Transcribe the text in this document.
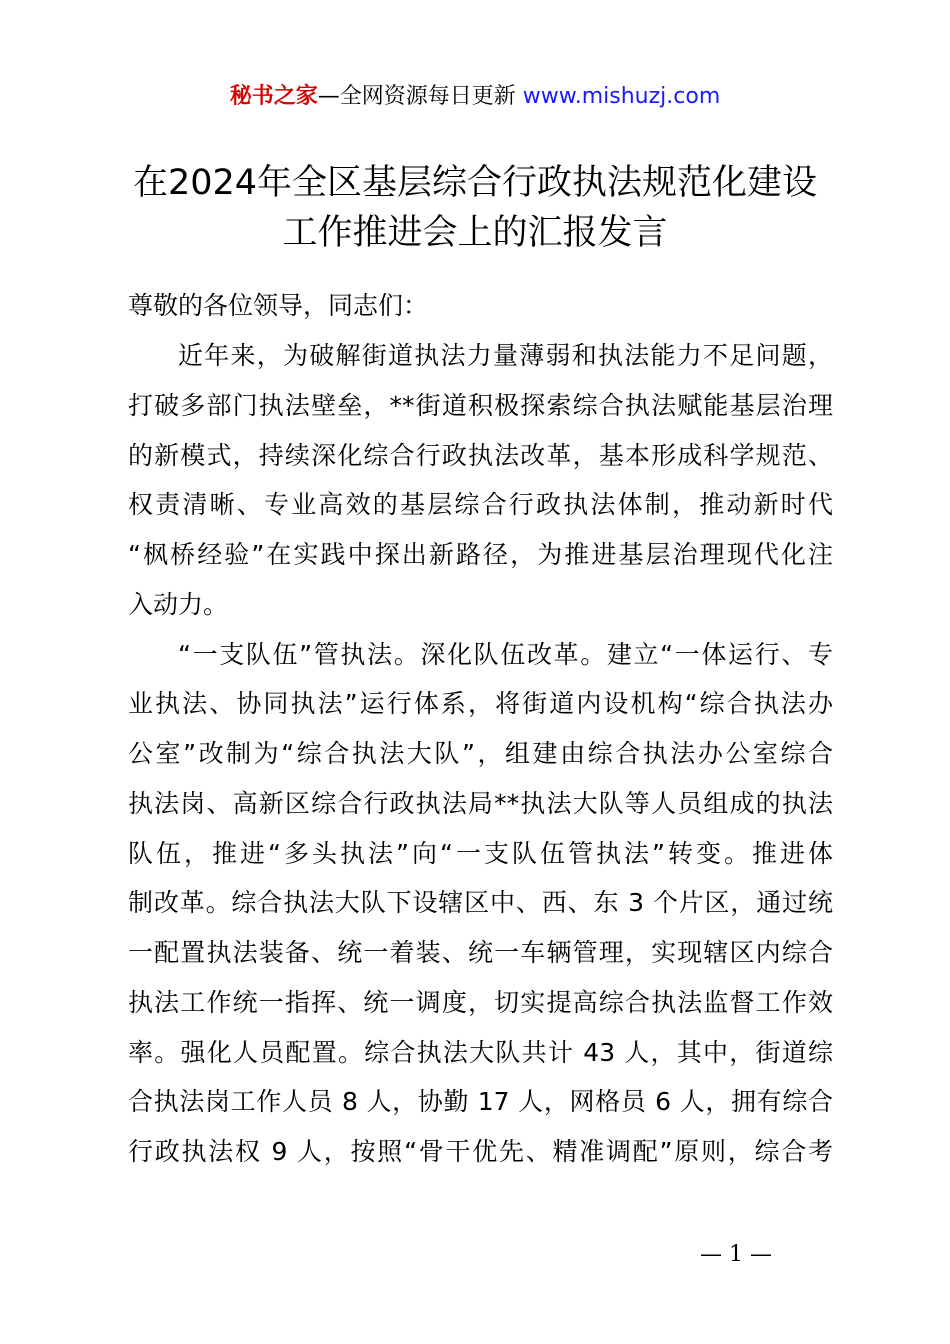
秘书之家—全网资源每日更新 www.mishuzj.com
在2024年全区基层综合行政执法规范化建设
工作推进会上的汇报发言
尊敬的各位领导，同志们：
近年来，为破解街道执法力量薄弱和执法能力不足问题，
打破多部门执法壁垒，**街道积极探索综合执法赋能基层治理
的新模式，持续深化综合行政执法改革，基本形成科学规范、
权责清晰、专业高效的基层综合行政执法体制，推动新时代
“枫桥经验”在实践中探出新路径，为推进基层治理现代化注
入动力。
“一支队伍”管执法。深化队伍改革。建立“一体运行、专
业执法、协同执法”运行体系，将街道内设机构“综合执法办
公室”改制为“综合执法大队”，组建由综合执法办公室综合
执法岗、高新区综合行政执法局**执法大队等人员组成的执法
队伍，推进“多头执法”向“一支队伍管执法”转变。推进体
制改革。综合执法大队下设辖区中、西、东 3 个片区，通过统
一配置执法装备、统一着装、统一车辆管理，实现辖区内综合
执法工作统一指挥、统一调度，切实提高综合执法监督工作效
率。强化人员配置。综合执法大队共计 43 人，其中，街道综
合执法岗工作人员 8 人，协勤 17 人，网格员 6 人，拥有综合
行政执法权 9 人，按照“骨干优先、精准调配”原则，综合考
— 1 —
